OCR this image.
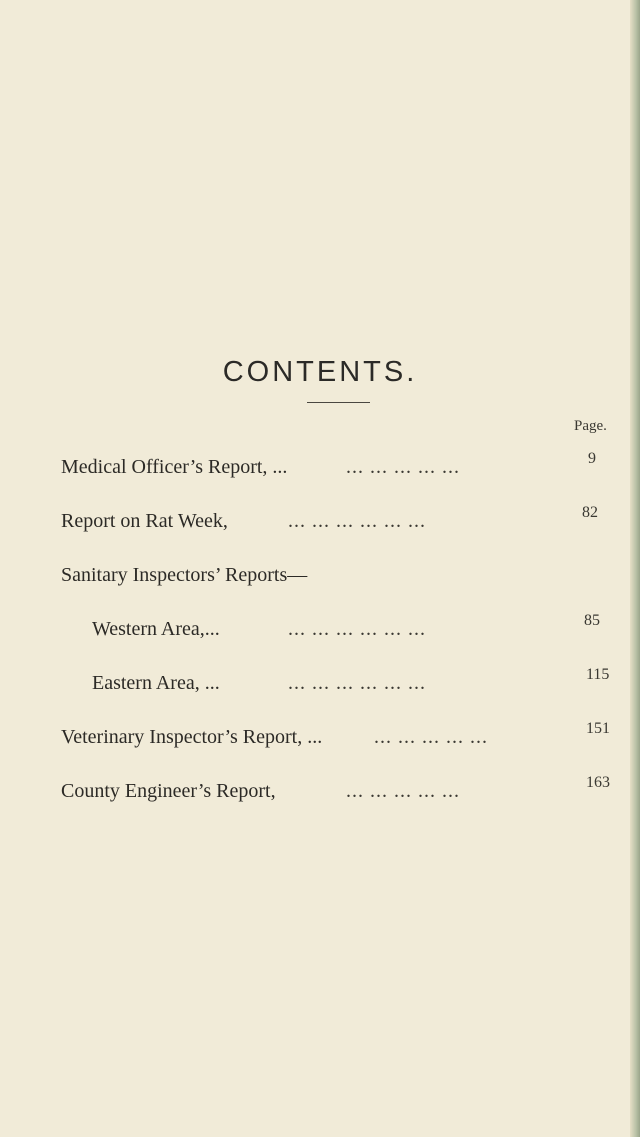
CONTENTS.
Page.
Medical Officer’s Report, ...	... ... ... ... ...	9
Report on Rat Week,	... ... ... ... ... ...	82
Sanitary Inspectors’ Reports—
Western Area,...	... ... ... ... ... ...	85
Eastern Area, ...	... ... ... ... ... ...	115
Veterinary Inspector’s Report, ...	... ... ... ... ...	151
County Engineer’s Report,	... ... ... ... ...	163
